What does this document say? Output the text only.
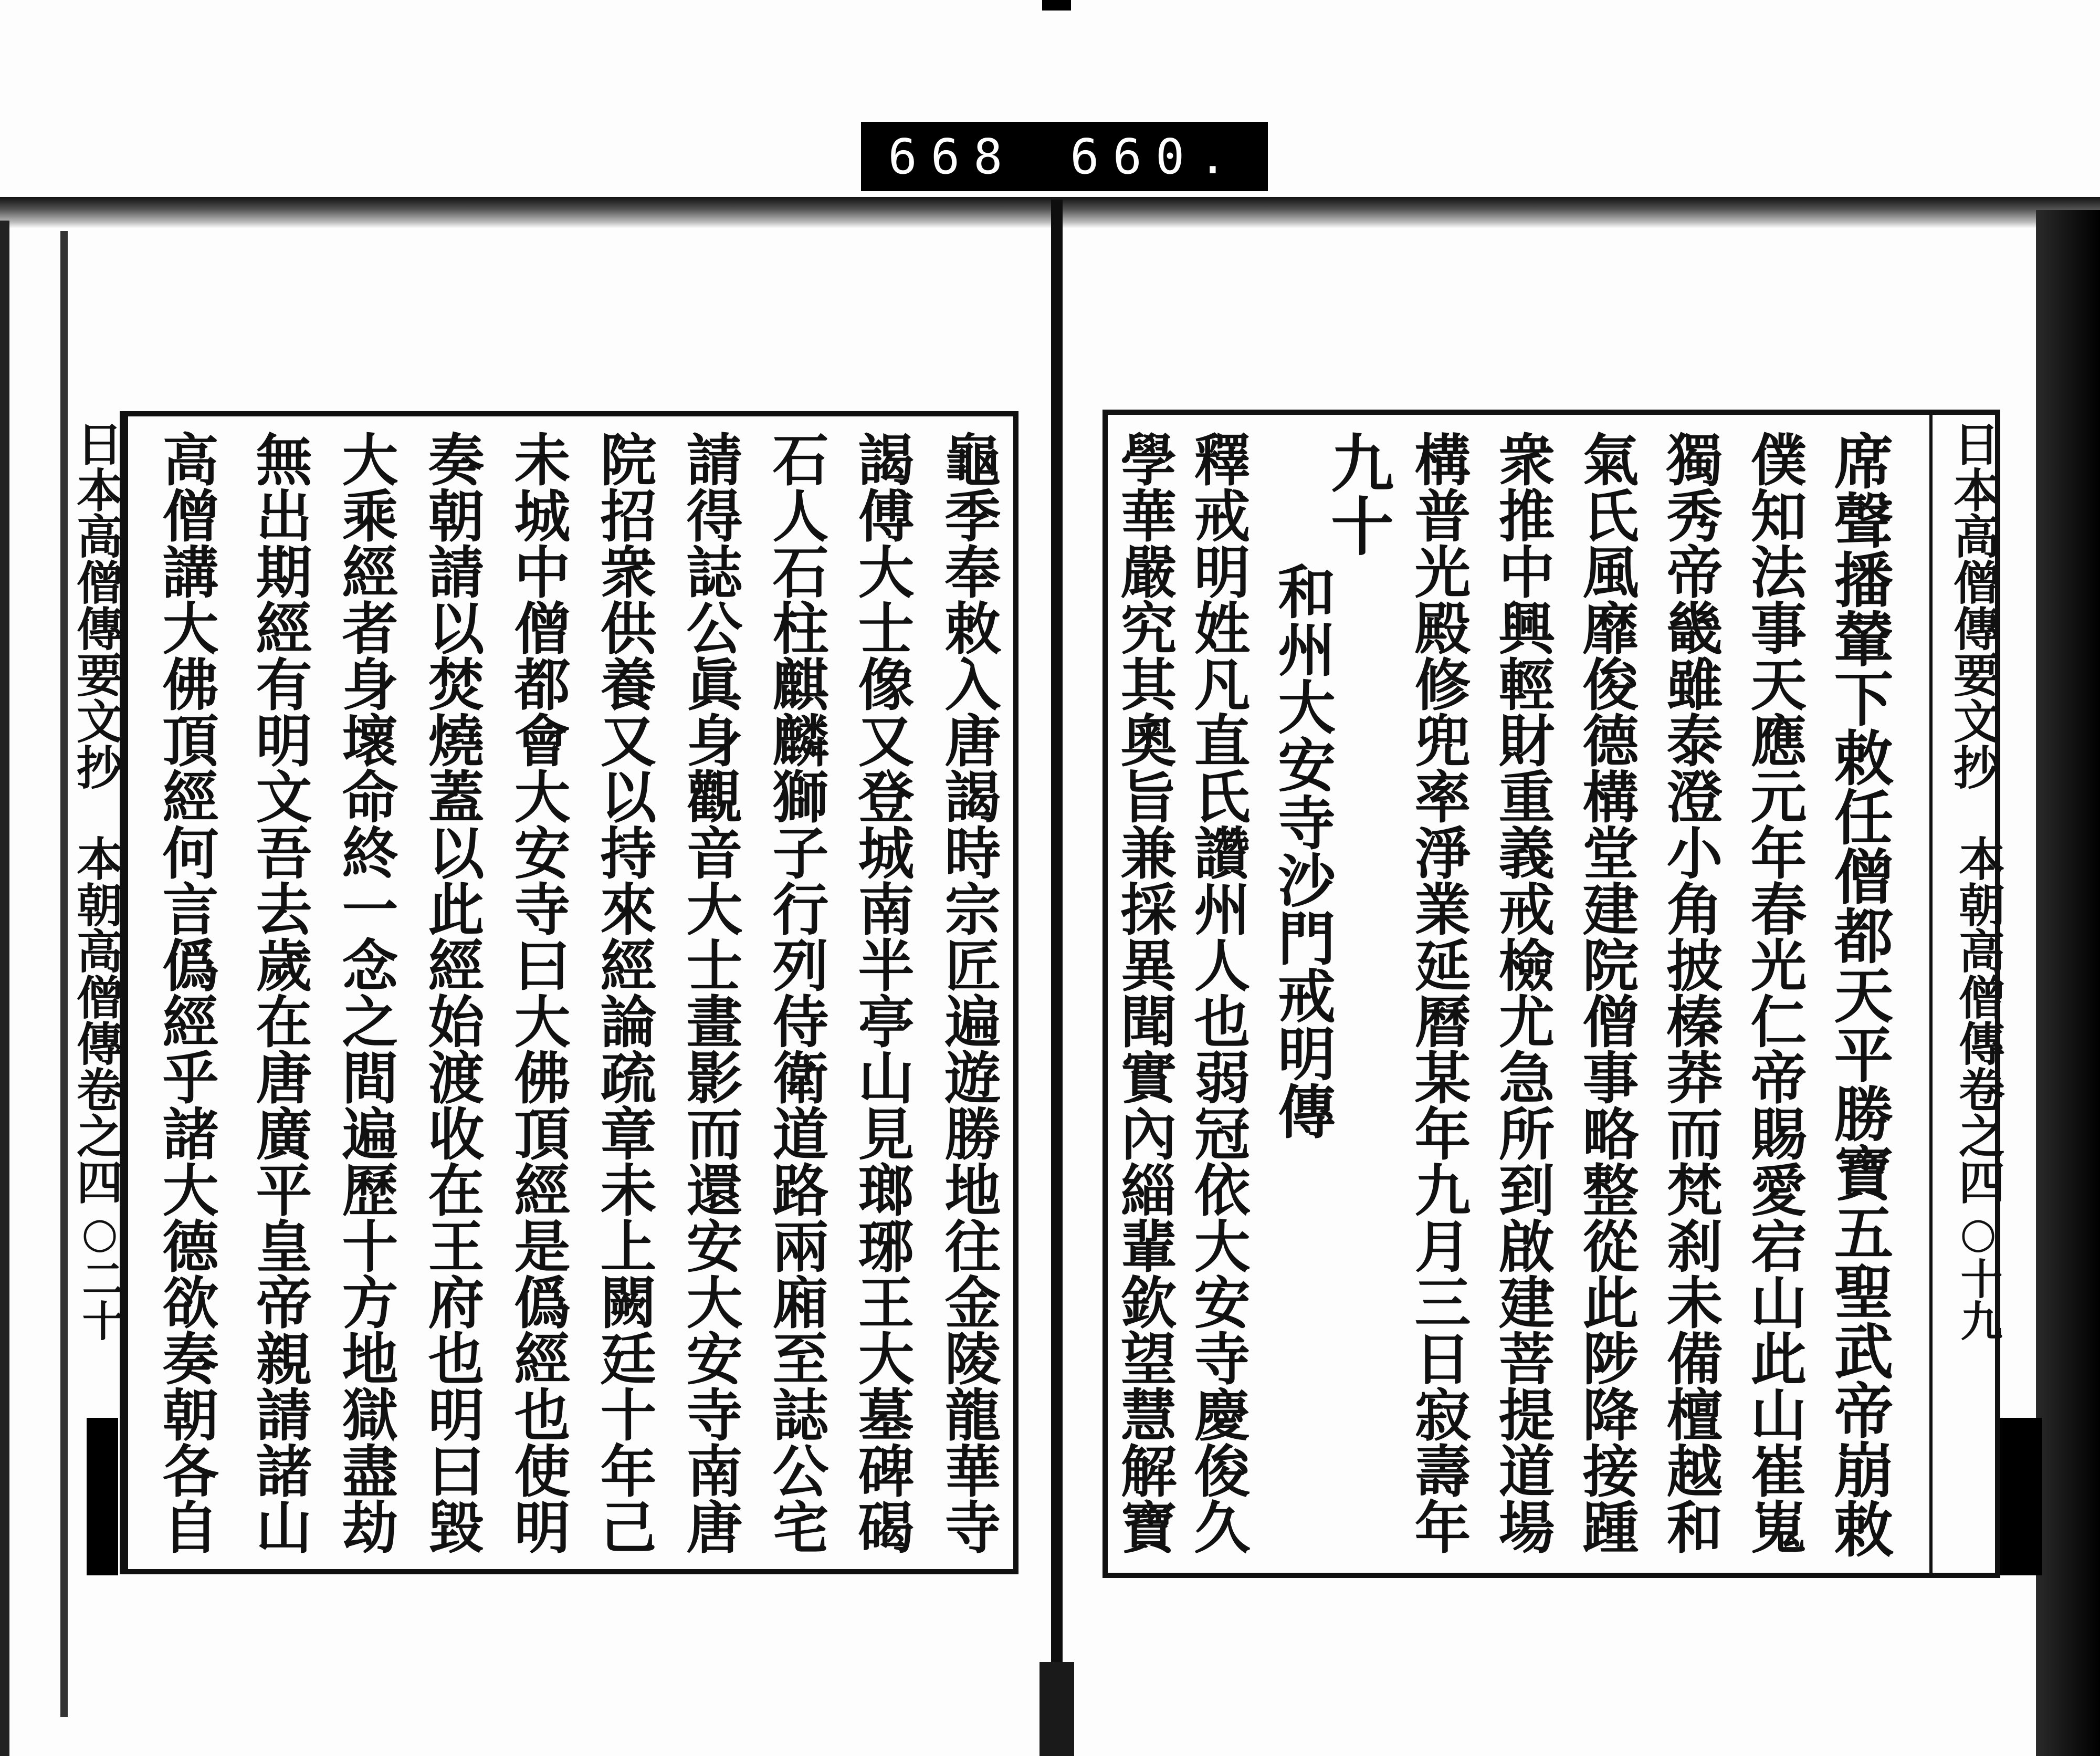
668 660.
日本高僧傳要文抄
本朝高僧傳卷之四
○二十	龜季奉敕入唐謁時宗匠遍遊勝地往金陵龍華寺
謁傅大士像又登城南半亭山見瑯琊王大墓碑碣
石人石柱麒麟獅子行列侍衛道路兩廂至誌公宅
請得誌公眞身觀音大士畫影而還安大安寺南唐
院招衆供養又以持來經論疏章未上闕廷十年己
未城中僧都會大安寺曰大佛頂經是僞經也使明
奏朝請以焚燒蓋以此經始渡收在王府也明曰毀
大乘經者身壞命終一念之間遍歷十方地獄盡劫
無出期經有明文吾去歲在唐廣平皇帝親請諸山
高僧講大佛頂經何言僞經乎諸大德欲奏朝各自	日本高僧傳要文抄
本朝高僧傳卷之四
○十九
席聲播輦下敕任僧都天平勝寶五聖武帝崩敕
僕知法事天應元年春光仁帝賜愛宕山此山崔嵬
獨秀帝畿雖泰澄小角披榛莽而梵刹未備檀越和
氣氏風靡俊德構堂建院僧事略整從此陟降接踵
衆推中興輕財重義戒檢尤急所到啟建菩提道場
構普光殿修兜率淨業延曆某年九月三日寂壽年
九十
和州大安寺沙門戒明傳
釋戒明姓凡直氏讚州人也弱冠依大安寺慶俊久
學華嚴究其奧旨兼採異聞實內緇輩欽望慧解寶
